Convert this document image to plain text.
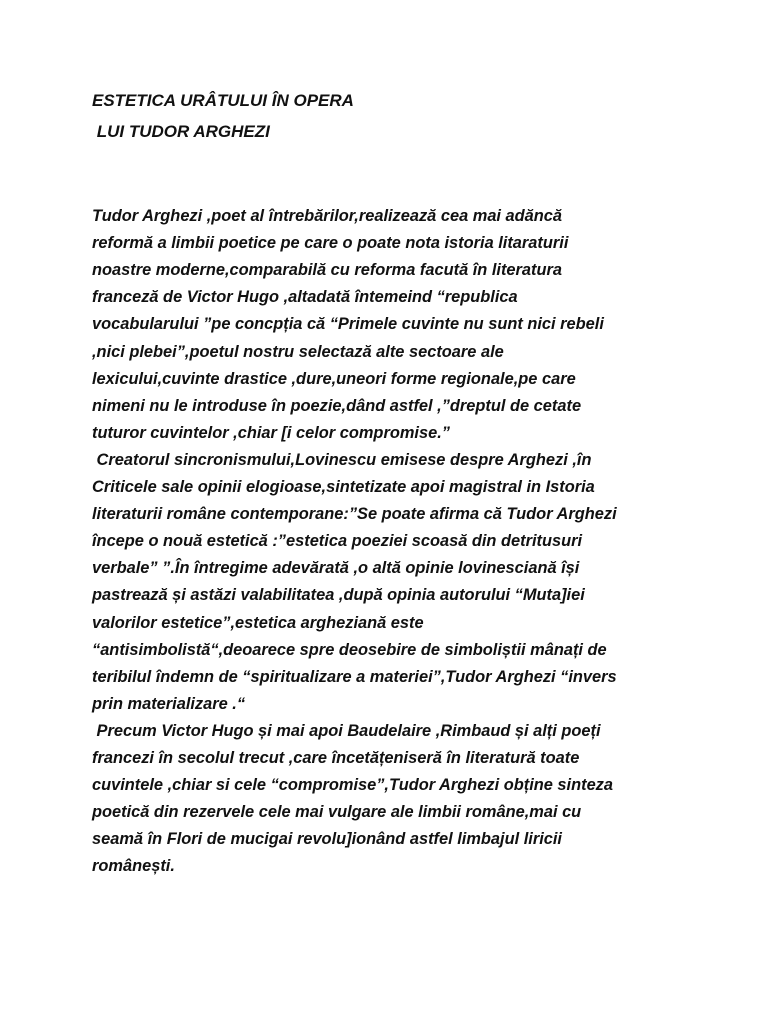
ESTETICA URÂTULUI ÎN OPERA
LUI TUDOR ARGHEZI
Tudor Arghezi ,poet al întrebărilor,realizează cea mai adăncă
reformă a limbii poetice pe care o poate nota istoria litaraturii
noastre moderne,comparabilă cu reforma facută în literatura
franceză de Victor Hugo ,altadată întemeind “republica
vocabularului ”pe concpția că “Primele cuvinte nu sunt nici rebeli
,nici plebei”,poetul nostru selectază alte sectoare ale
lexicului,cuvinte drastice ,dure,uneori forme regionale,pe care
nimeni nu le introduse în poezie,dând astfel ,”dreptul de cetate
tuturor cuvintelor ,chiar [i celor compromise.”
Creatorul sincronismului,Lovinescu emisese despre Arghezi ,în
Criticele sale opinii elogioase,sintetizate apoi magistral in Istoria
literaturii române contemporane:”Se poate afirma că Tudor Arghezi
începe o nouă estetică :”estetica poeziei scoasă din detritusuri
verbale” ”.În întregime adevărată ,o altă opinie lovinesciană își
pastrează și astăzi valabilitatea ,după opinia autorului “Muta]iei
valorilor estetice”,estetica argheziană este
“antisimbolistă“,deoarece spre deosebire de simboliștii mânați de
teribilul îndemn de “spiritualizare a materiei”,Tudor Arghezi “invers
prin materializare .“
Precum Victor Hugo și mai apoi Baudelaire ,Rimbaud și alți poeți
francezi în secolul trecut ,care încetățeniseră în literatură toate
cuvintele ,chiar si cele “compromise”,Tudor Arghezi obține sinteza
poetică din rezervele cele mai vulgare ale limbii române,mai cu
seamă în Flori de mucigai revolu]ionând astfel limbajul liricii
românești.
